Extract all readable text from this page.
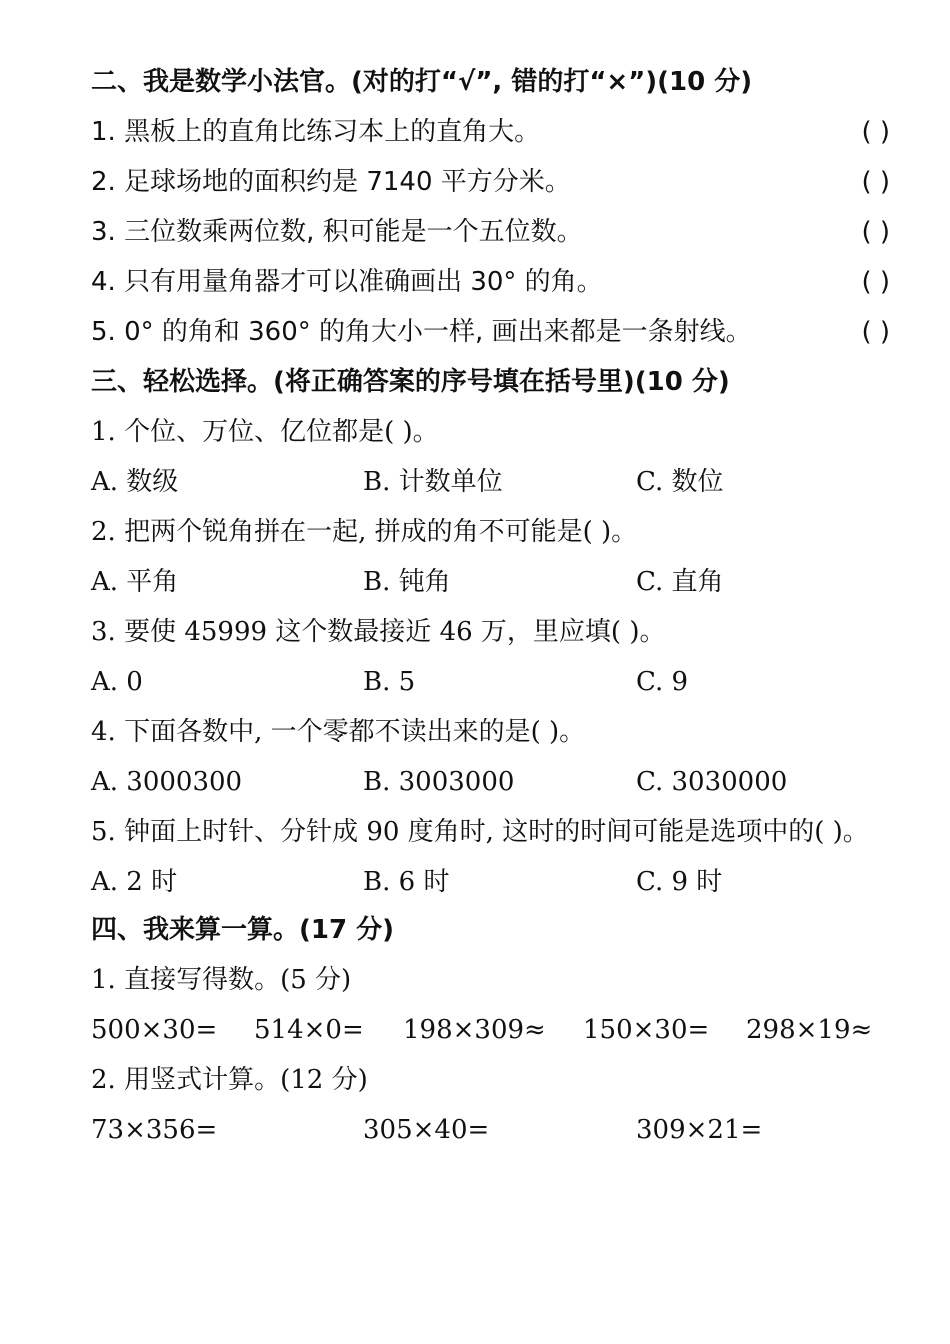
二、我是数学小法官。(对的打“√”, 错的打“×”)(10 分)
1. 黑板上的直角比练习本上的直角大。	( )
2. 足球场地的面积约是 7140 平方分米。	( )
3. 三位数乘两位数, 积可能是一个五位数。	( )
4. 只有用量角器才可以准确画出 30° 的角。	( )
5. 0° 的角和 360° 的角大小一样, 画出来都是一条射线。	( )
三、轻松选择。(将正确答案的序号填在括号里)(10 分)
1. 个位、万位、亿位都是( )。
A. 数级	B. 计数单位	C. 数位
2. 把两个锐角拼在一起, 拼成的角不可能是( )。
A. 平角	B. 钝角	C. 直角
3. 要使 45999 这个数最接近 46 万，里应填( )。
A. 0	B. 5	C. 9
4. 下面各数中, 一个零都不读出来的是( )。
A. 3000300	B. 3003000	C. 3030000
5. 钟面上时针、分针成 90 度角时, 这时的时间可能是选项中的( )。
A. 2 时	B. 6 时	C. 9 时
四、我来算一算。(17 分)
1. 直接写得数。(5 分)
500×30= 514×0= 198×309≈ 150×30= 298×19≈
2. 用竖式计算。(12 分)
73×356=	305×40=	309×21=
